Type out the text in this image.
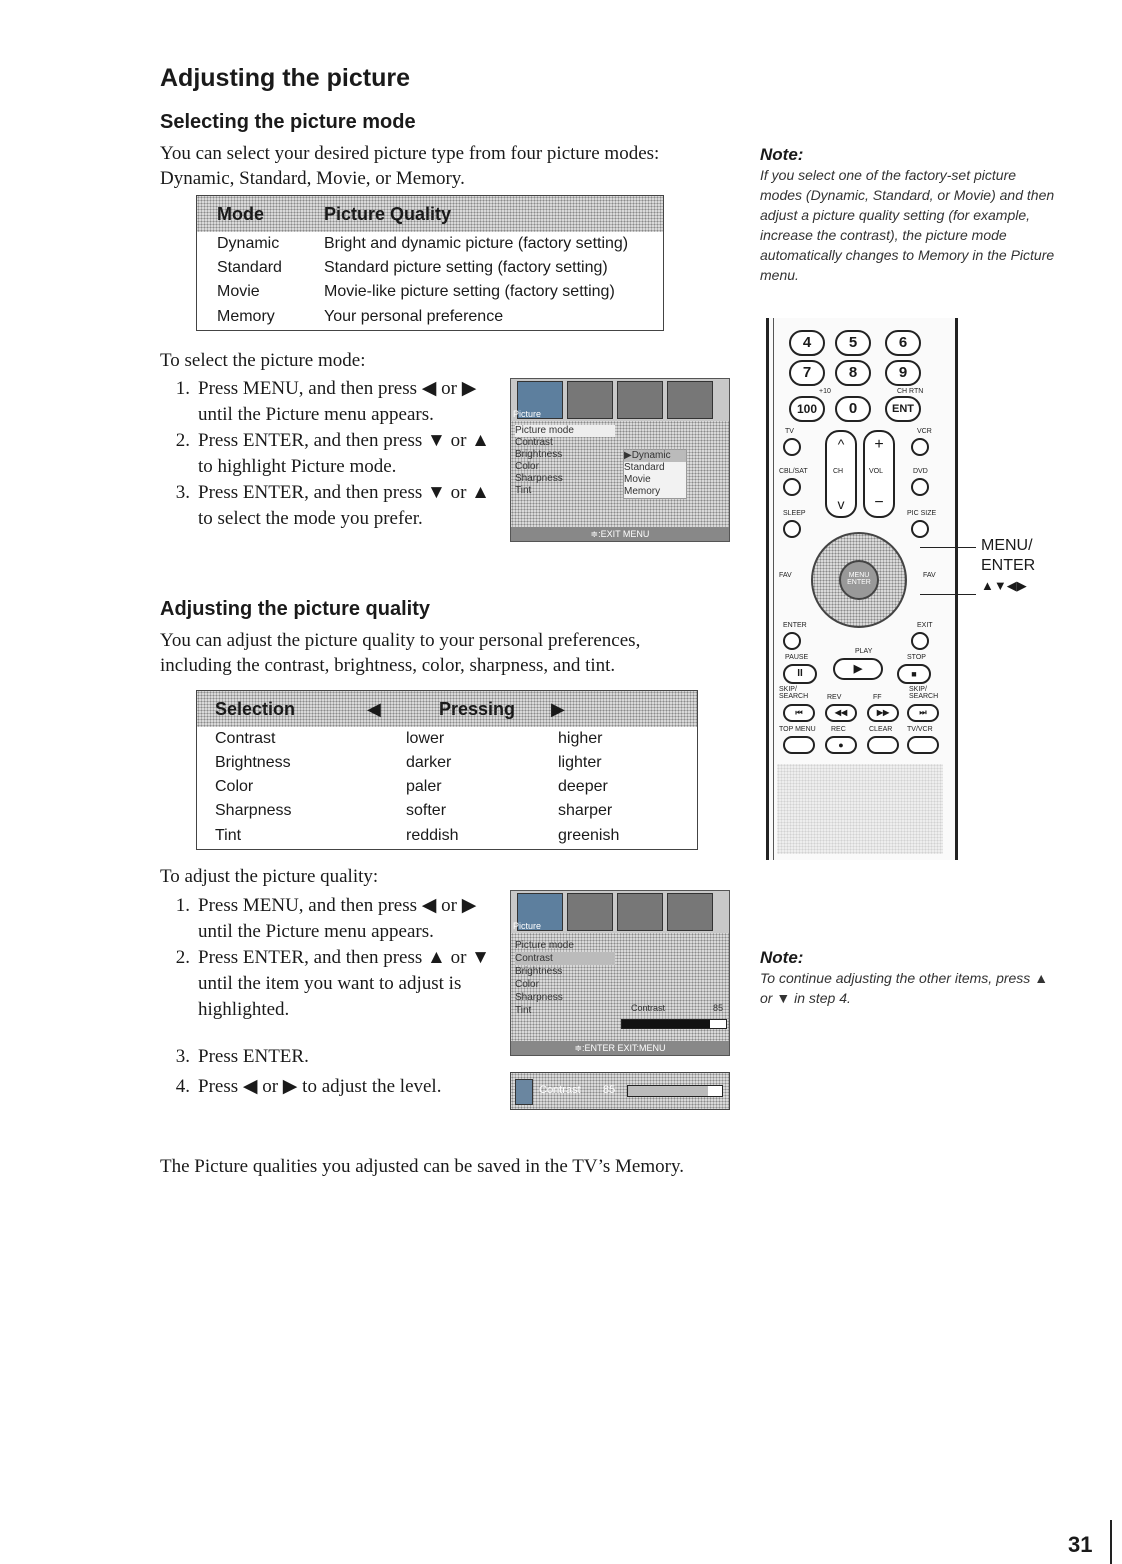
Adjusting the picture
Selecting the picture mode

You can select your desired picture type from four picture modes: Dynamic, Standard, Movie, or Memory.

Mode	Picture Quality
Dynamic	Bright and dynamic picture (factory setting)
Standard	Standard picture setting (factory setting)
Movie	Movie-like picture setting (factory setting)
Memory	Your personal preference

To select the picture mode:

1. Press MENU, and then press ◀ or ▶ until the Picture menu appears.
2. Press ENTER, and then press ▼ or ▲ to highlight Picture mode.
3. Press ENTER, and then press ▼ or ▲ to select the mode you prefer.
Picture
Picture mode
Contrast
Brightness
Color
Sharpness
Tint
▶Dynamic
Standard
Movie
Memory
≑:EXIT MENU
Adjusting the picture quality

You can adjust the picture quality to your personal preferences, including the contrast, brightness, color, sharpness, and tint.

Selection	◀	Pressing	▶
Contrast	lower		higher
Brightness	darker		lighter
Color	paler		deeper
Sharpness	softer		sharper
Tint	reddish		greenish

To adjust the picture quality:

1. Press MENU, and then press ◀ or ▶ until the Picture menu appears.
2. Press ENTER, and then press ▲ or ▼ until the item you want to adjust is highlighted.
3. Press ENTER.
4. Press ◀ or ▶ to adjust the level.
Picture
Picture mode
Contrast
Brightness
Color
Sharpness
Tint	Contrast	85
≑:ENTER EXIT:MENU
Contrast 85

The Picture qualities you adjusted can be saved in the TV’s Memory.

Note:
If you select one of the factory-set picture modes (Dynamic, Standard, or Movie) and then adjust a picture quality setting (for example, increase the contrast), the picture mode automatically changes to Memory in the Picture menu.
Note:
To continue adjusting the other items, press ▲ or ▼ in step 4.
4	5	6
7	8	9
+10	CH RTN
100	0	ENT
TV	VCR
^
CH
v
+
VOL
−
CBL/SAT	DVD
SLEEP	PIC SIZE
MENU ENTER
FAV	FAV
ENTER	EXIT
PAUSE
PLAY
STOP
II	▶	■
SKIP/ SEARCH	REV	FF
SKIP/ SEARCH
⏮	◀◀	▶▶	⏭
TOP MENU REC	CLEAR TV/VCR
●
MENU/
ENTER
▲▼◀▶
31
